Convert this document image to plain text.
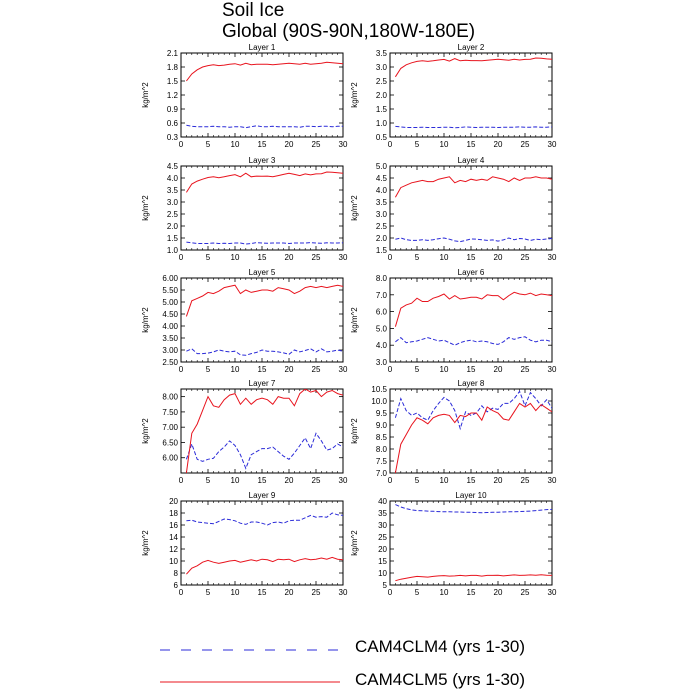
Soil Ice
Global (90S-90N,180W-180E)
Layer 1
0	5	10 15 20 25 30
0.3
0.6
0.9
1.2
1.5
1.8
2.1
kg/m^2
Layer 2
0	5	10 15 20 25 30
0.5
1.0
1.5
2.0
2.5
3.0
3.5
kg/m^2
Layer 3
0	5	10 15 20 25 30
1.0
1.5
2.0
2.5
3.0
3.5
4.0
4.5
kg/m^2
Layer 4
0	5	10 15 20 25 30
1.5
2.0
2.5
3.0
3.5
4.0
4.5
5.0
kg/m^2
Layer 5
0	5	10 15 20 25 30
2.50
3.00
3.50
4.00
4.50
5.00
5.50
6.00
kg/m^2
Layer 6
0	5	10 15 20 25 30
3.0
4.0
5.0
6.0
7.0
8.0
kg/m^2
Layer 7
0	5	10 15 20 25 30
6.00
6.50
7.00
7.50
8.00
kg/m^2
Layer 8
0	5	10 15 20 25 30
7.0
7.5
8.0
8.5
9.0
9.5
10.0
10.5
kg/m^2
Layer 9
0	5	10 15 20 25 30
6
8
10
12
14
16
18
20
kg/m^2
Layer 10
0	5	10 15 20 25 30
5
10
15
20
25
30
35
40
kg/m^2
CAM4CLM4 (yrs 1-30)
CAM4CLM5 (yrs 1-30)
